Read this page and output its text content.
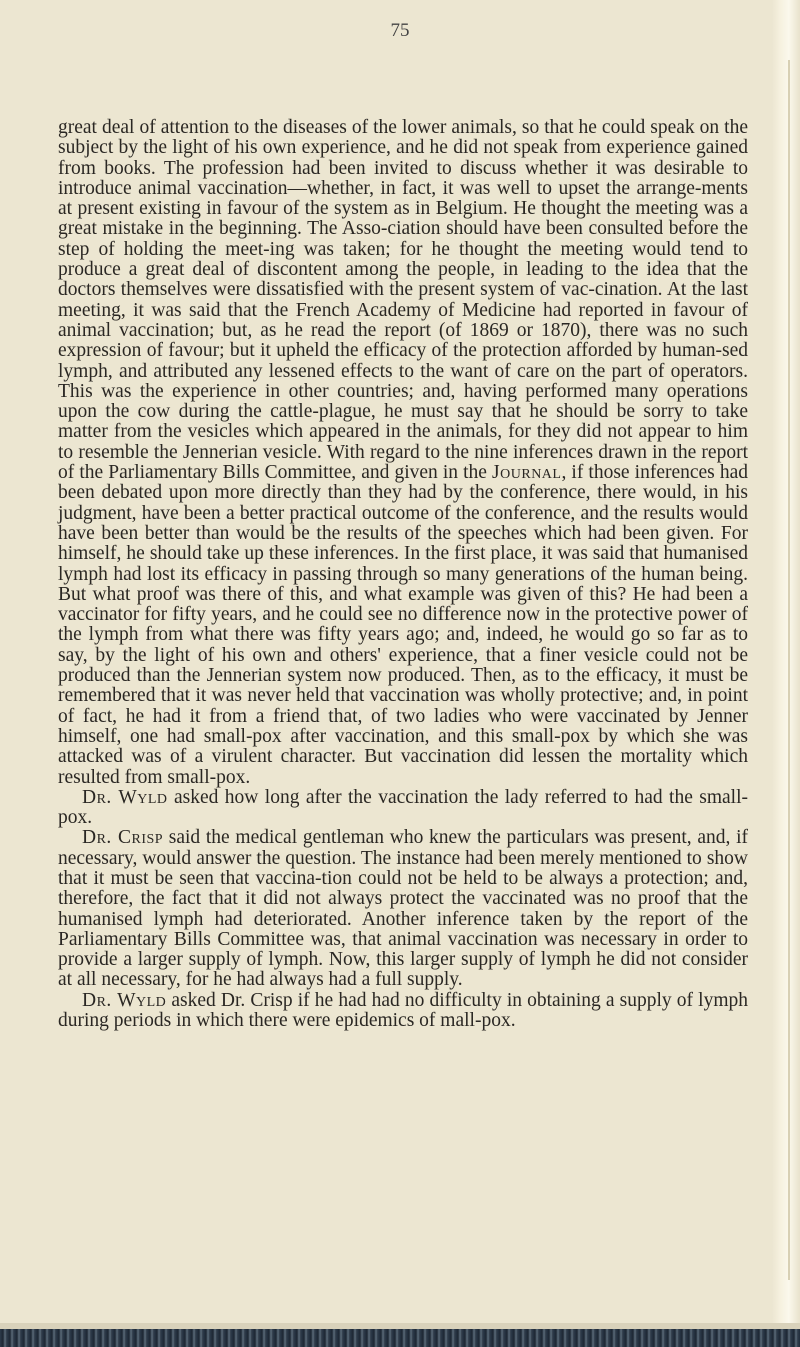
75

great deal of attention to the diseases of the lower animals, so that he could speak on the subject by the light of his own experience, and he did not speak from experience gained from books. The profession had been invited to discuss whether it was desirable to introduce animal vaccination—whether, in fact, it was well to upset the arrange-ments at present existing in favour of the system as in Belgium. He thought the meeting was a great mistake in the beginning. The Asso-ciation should have been consulted before the step of holding the meet-ing was taken; for he thought the meeting would tend to produce a great deal of discontent among the people, in leading to the idea that the doctors themselves were dissatisfied with the present system of vac-cination. At the last meeting, it was said that the French Academy of Medicine had reported in favour of animal vaccination; but, as he read the report (of 1869 or 1870), there was no such expression of favour; but it upheld the efficacy of the protection afforded by human-sed lymph, and attributed any lessened effects to the want of care on the part of operators. This was the experience in other countries; and, having performed many operations upon the cow during the cattle-plague, he must say that he should be sorry to take matter from the vesicles which appeared in the animals, for they did not appear to him to resemble the Jennerian vesicle. With regard to the nine inferences drawn in the report of the Parliamentary Bills Committee, and given in the Journal, if those inferences had been debated upon more directly than they had by the conference, there would, in his judgment, have been a better practical outcome of the conference, and the results would have been better than would be the results of the speeches which had been given. For himself, he should take up these inferences. In the first place, it was said that humanised lymph had lost its efficacy in passing through so many generations of the human being. But what proof was there of this, and what example was given of this? He had been a vaccinator for fifty years, and he could see no difference now in the protective power of the lymph from what there was fifty years ago; and, indeed, he would go so far as to say, by the light of his own and others' experience, that a finer vesicle could not be produced than the Jennerian system now produced. Then, as to the efficacy, it must be remembered that it was never held that vaccination was wholly protective; and, in point of fact, he had it from a friend that, of two ladies who were vaccinated by Jenner himself, one had small-pox after vaccination, and this small-pox by which she was attacked was of a virulent character. But vaccination did lessen the mortality which resulted from small-pox.

Dr. Wyld asked how long after the vaccination the lady referred to had the small-pox.

Dr. Crisp said the medical gentleman who knew the particulars was present, and, if necessary, would answer the question. The instance had been merely mentioned to show that it must be seen that vaccina-tion could not be held to be always a protection; and, therefore, the fact that it did not always protect the vaccinated was no proof that the humanised lymph had deteriorated. Another inference taken by the report of the Parliamentary Bills Committee was, that animal vaccination was necessary in order to provide a larger supply of lymph. Now, this larger supply of lymph he did not consider at all necessary, for he had always had a full supply.

Dr. Wyld asked Dr. Crisp if he had had no difficulty in obtaining a supply of lymph during periods in which there were epidemics of mall-pox.
